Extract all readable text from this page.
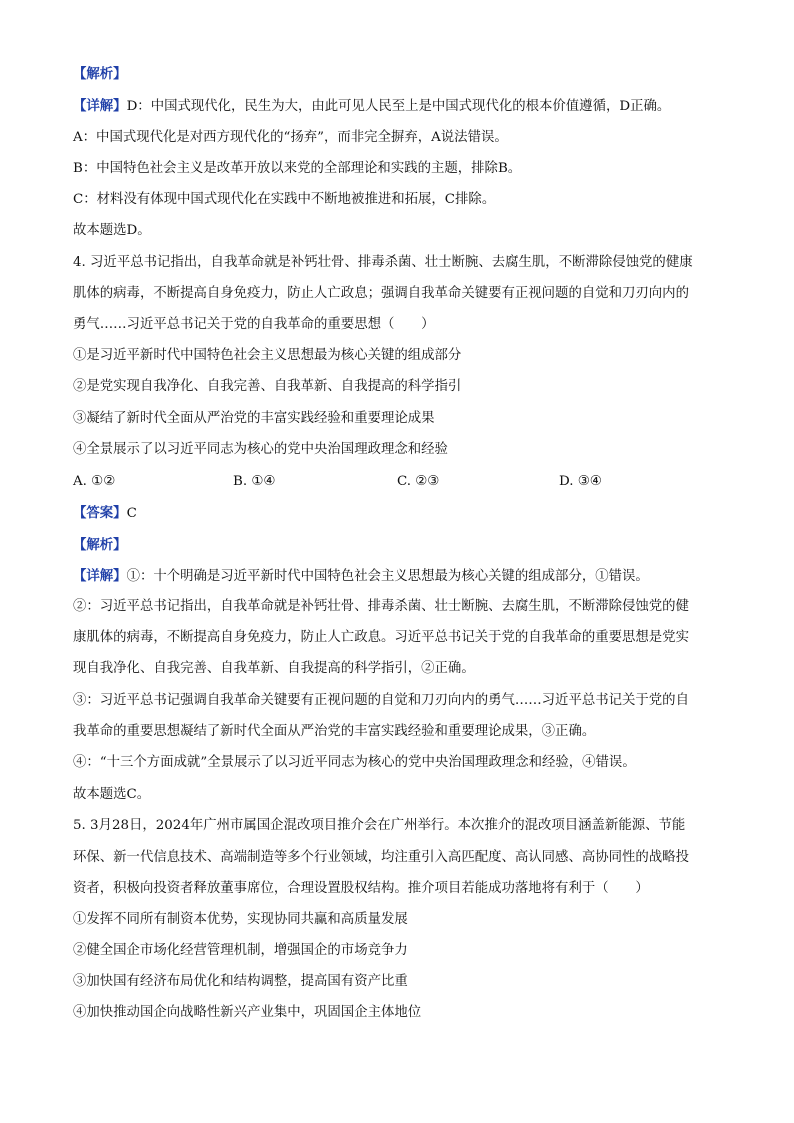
【解析】
【详解】D：中国式现代化，民生为大，由此可见人民至上是中国式现代化的根本价值遵循，D正确。
A：中国式现代化是对西方现代化的“扬弃”，而非完全摒弃，A说法错误。
B：中国特色社会主义是改革开放以来党的全部理论和实践的主题，排除B。
C：材料没有体现中国式现代化在实践中不断地被推进和拓展，C排除。
故本题选D。
4. 习近平总书记指出，自我革命就是补钙壮骨、排毒杀菌、壮士断腕、去腐生肌，不断滞除侵蚀党的健康
肌体的病毒，不断提高自身免疫力，防止人亡政息；强调自我革命关键要有正视问题的自觉和刀刃向内的
勇气……习近平总书记关于党的自我革命的重要思想（　　）
①是习近平新时代中国特色社会主义思想最为核心关键的组成部分
②是党实现自我净化、自我完善、自我革新、自我提高的科学指引
③凝结了新时代全面从严治党的丰富实践经验和重要理论成果
④全景展示了以习近平同志为核心的党中央治国理政理念和经验
A. ①②	B. ①④	C. ②③	D. ③④
【答案】C
【解析】
【详解】①：十个明确是习近平新时代中国特色社会主义思想最为核心关键的组成部分，①错误。
②：习近平总书记指出，自我革命就是补钙壮骨、排毒杀菌、壮士断腕、去腐生肌，不断滞除侵蚀党的健
康肌体的病毒，不断提高自身免疫力，防止人亡政息。习近平总书记关于党的自我革命的重要思想是党实
现自我净化、自我完善、自我革新、自我提高的科学指引，②正确。
③：习近平总书记强调自我革命关键要有正视问题的自觉和刀刃向内的勇气……习近平总书记关于党的自
我革命的重要思想凝结了新时代全面从严治党的丰富实践经验和重要理论成果，③正确。
④：“十三个方面成就”全景展示了以习近平同志为核心的党中央治国理政理念和经验，④错误。
故本题选C。
5. 3月28日，2024年广州市属国企混改项目推介会在广州举行。本次推介的混改项目涵盖新能源、节能
环保、新一代信息技术、高端制造等多个行业领域，均注重引入高匹配度、高认同感、高协同性的战略投
资者，积极向投资者释放董事席位，合理设置股权结构。推介项目若能成功落地将有利于（　　）
①发挥不同所有制资本优势，实现协同共赢和高质量发展
②健全国企市场化经营管理机制，增强国企的市场竞争力
③加快国有经济布局优化和结构调整，提高国有资产比重
④加快推动国企向战略性新兴产业集中，巩固国企主体地位
